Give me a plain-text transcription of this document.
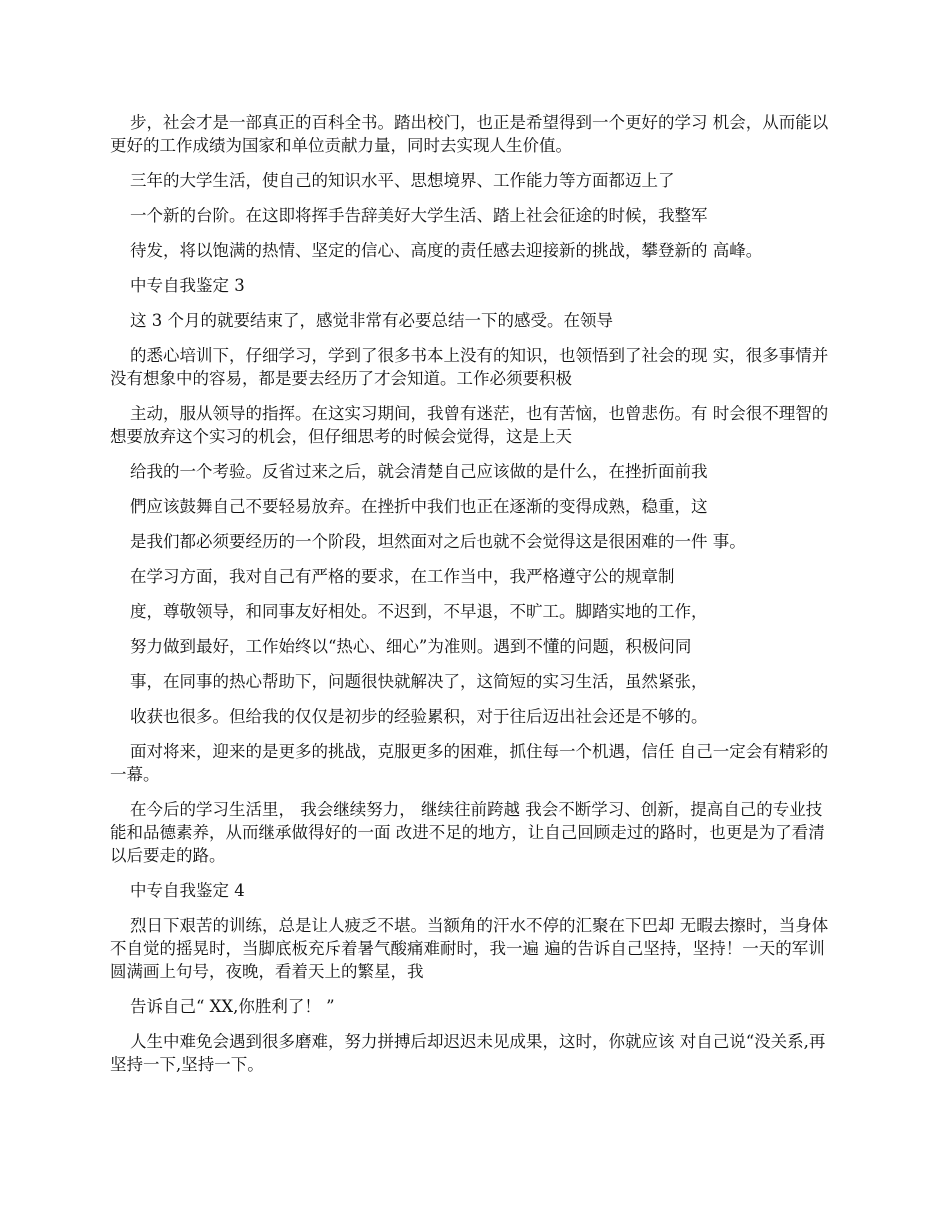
步，社会才是一部真正的百科全书。踏出校门，也正是希望得到一个更好的学习 机会，从而能以更好的工作成绩为国家和单位贡献力量，同时去实现人生价值。

三年的大学生活，使自己的知识水平、思想境界、工作能力等方面都迈上了

一个新的台阶。在这即将挥手告辞美好大学生活、踏上社会征途的时候，我整军

待发，将以饱满的热情、坚定的信心、高度的责任感去迎接新的挑战，攀登新的 高峰。

中专自我鉴定 3

这 3 个月的就要结束了，感觉非常有必要总结一下的感受。在领导

的悉心培训下，仔细学习，学到了很多书本上没有的知识，也领悟到了社会的现 实，很多事情并没有想象中的容易，都是要去经历了才会知道。工作必须要积极

主动，服从领导的指挥。在这实习期间，我曾有迷茫，也有苦恼，也曾悲伤。有 时会很不理智的想要放弃这个实习的机会，但仔细思考的时候会觉得，这是上天

给我的一个考验。反省过来之后，就会清楚自己应该做的是什么，在挫折面前我

們应该鼓舞自己不要轻易放弃。在挫折中我们也正在逐渐的变得成熟，稳重，这

是我们都必须要经历的一个阶段，坦然面对之后也就不会觉得这是很困难的一件 事。

在学习方面，我对自己有严格的要求，在工作当中，我严格遵守公的规章制

度，尊敬领导，和同事友好相处。不迟到，不早退，不旷工。脚踏实地的工作，

努力做到最好，工作始终以“热心、细心”为准则。遇到不懂的问题，积极问同

事，在同事的热心帮助下，问题很快就解决了，这简短的实习生活，虽然紧张，

收获也很多。但给我的仅仅是初步的经验累积，对于往后迈出社会还是不够的。

面对将来，迎来的是更多的挑战，克服更多的困难，抓住每一个机遇，信任 自己一定会有精彩的一幕。

在今后的学习生活里， 我会继续努力， 继续往前跨越 我会不断学习、创新，提高自己的专业技能和品德素养，从而继承做得好的一面 改进不足的地方，让自己回顾走过的路时，也更是为了看清以后要走的路。

中专自我鉴定 4

烈日下艰苦的训练，总是让人疲乏不堪。当额角的汗水不停的汇聚在下巴却 无暇去擦时，当身体不自觉的摇晃时，当脚底板充斥着暑气酸痛难耐时，我一遍 遍的告诉自己坚持，坚持！一天的军训圆满画上句号，夜晚，看着天上的繁星，我

告诉自己“ XX,你胜利了！ ”

人生中难免会遇到很多磨难，努力拼搏后却迟迟未见成果，这时，你就应该 对自己说“没关系,再坚持一下,坚持一下。
